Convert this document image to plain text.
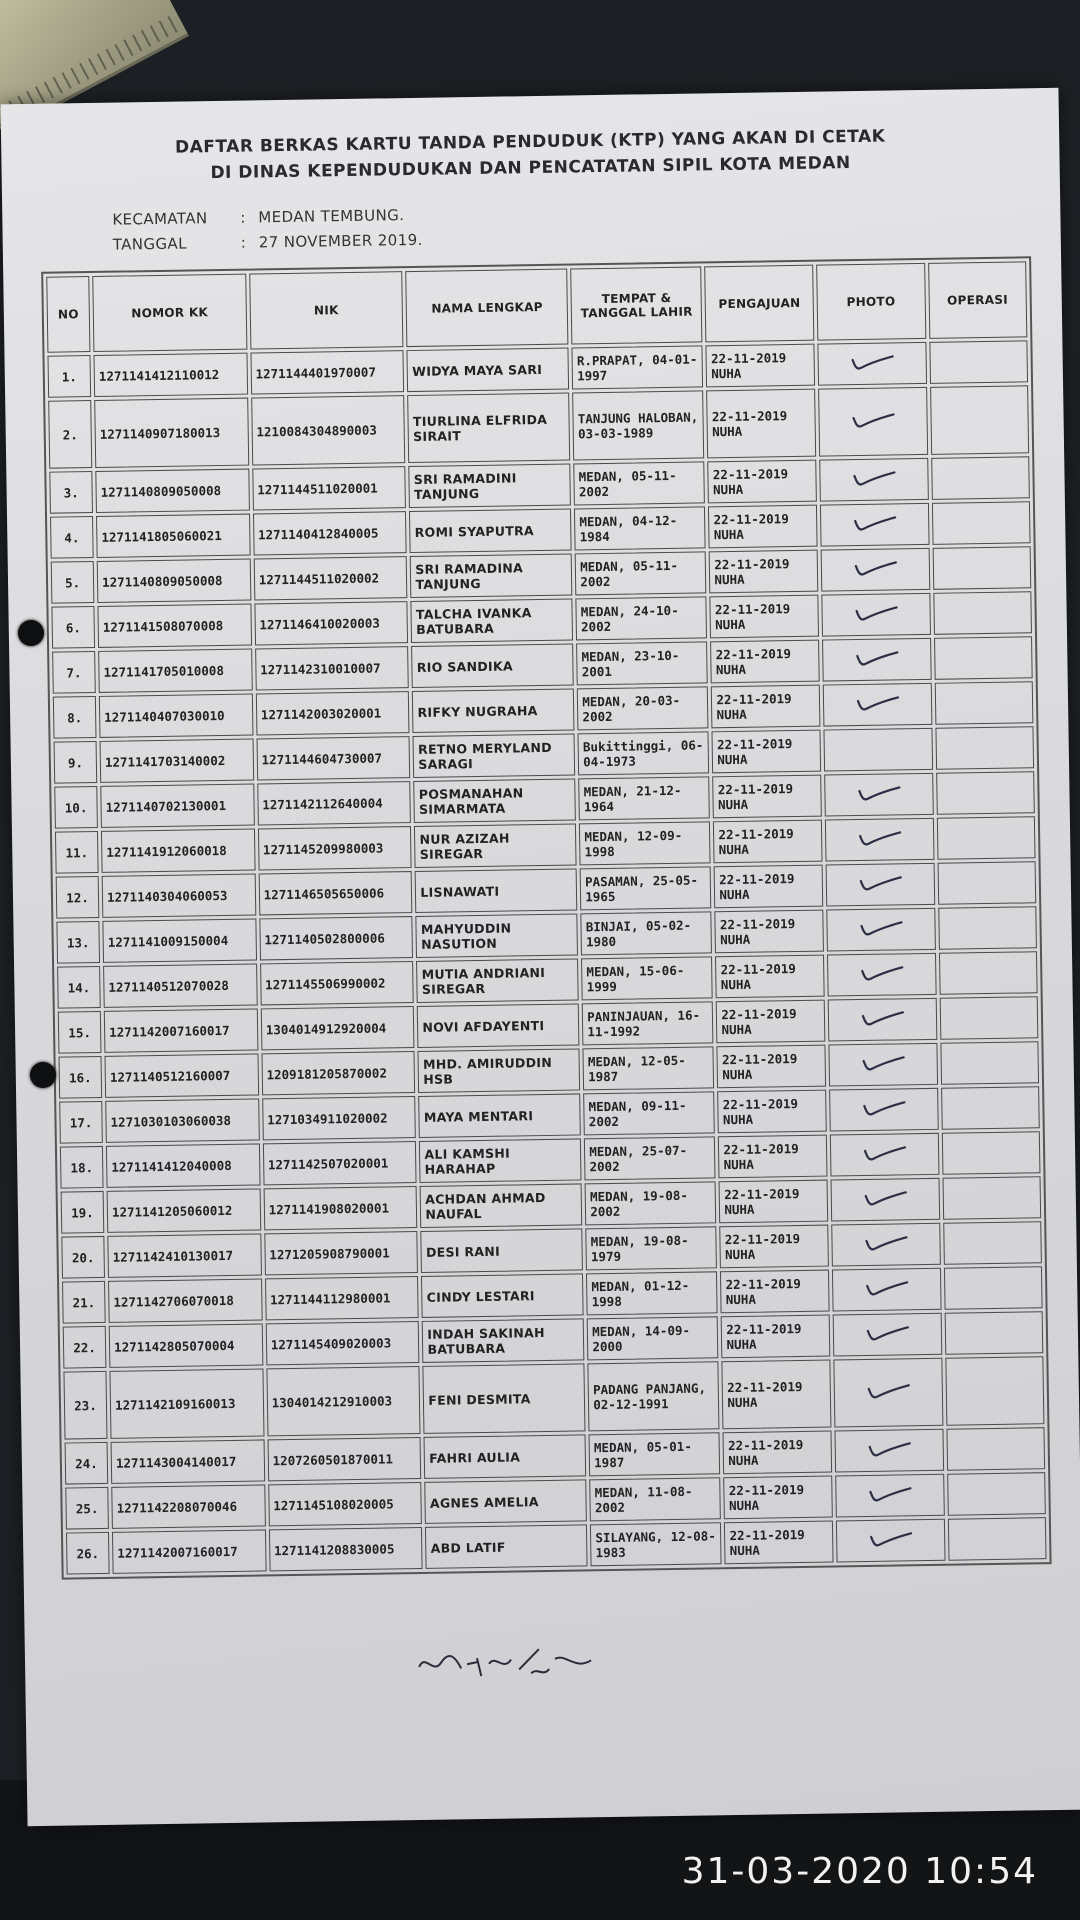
DAFTAR BERKAS KARTU TANDA PENDUDUK (KTP) YANG AKAN DI CETAK
DI DINAS KEPENDUDUKAN DAN PENCATATAN SIPIL KOTA MEDAN
KECAMATAN : MEDAN TEMBUNG.
TANGGAL	: 27 NOVEMBER 2019.
NO	NOMOR KK	NIK	NAMA LENGKAP	TEMPAT & TANGGAL LAHIR	PENGAJUAN	PHOTO	OPERASI
1.	1271141412110012	1271144401970007	WIDYA MAYA SARI	R.PRAPAT, 04-01-1997	22-11-2019 NUHA		
2.	1271140907180013	1210084304890003	TIURLINA ELFRIDA SIRAIT	TANJUNG HALOBAN, 03-03-1989	22-11-2019 NUHA		
3.	1271140809050008	1271144511020001	SRI RAMADINI TANJUNG	MEDAN, 05-11-2002	22-11-2019 NUHA		
4.	1271141805060021	1271140412840005	ROMI SYAPUTRA	MEDAN, 04-12-1984	22-11-2019 NUHA		
5.	1271140809050008	1271144511020002	SRI RAMADINA TANJUNG	MEDAN, 05-11-2002	22-11-2019 NUHA		
6.	1271141508070008	1271146410020003	TALCHA IVANKA BATUBARA	MEDAN, 24-10-2002	22-11-2019 NUHA		
7.	1271141705010008	1271142310010007	RIO SANDIKA	MEDAN, 23-10-2001	22-11-2019 NUHA		
8.	1271140407030010	1271142003020001	RIFKY NUGRAHA	MEDAN, 20-03-2002	22-11-2019 NUHA		
9.	1271141703140002	1271144604730007	RETNO MERYLAND SARAGI	Bukittinggi, 06-04-1973	22-11-2019 NUHA		
10.	1271140702130001	1271142112640004	POSMANAHAN SIMARMATA	MEDAN, 21-12-1964	22-11-2019 NUHA		
11.	1271141912060018	1271145209980003	NUR AZIZAH SIREGAR	MEDAN, 12-09-1998	22-11-2019 NUHA		
12.	1271140304060053	1271146505650006	LISNAWATI	PASAMAN, 25-05-1965	22-11-2019 NUHA		
13.	1271141009150004	1271140502800006	MAHYUDDIN NASUTION	BINJAI, 05-02-1980	22-11-2019 NUHA		
14.	1271140512070028	1271145506990002	MUTIA ANDRIANI SIREGAR	MEDAN, 15-06-1999	22-11-2019 NUHA		
15.	1271142007160017	1304014912920004	NOVI AFDAYENTI	PANINJAUAN, 16-11-1992	22-11-2019 NUHA		
16.	1271140512160007	1209181205870002	MHD. AMIRUDDIN HSB	MEDAN, 12-05-1987	22-11-2019 NUHA		
17.	1271030103060038	1271034911020002	MAYA MENTARI	MEDAN, 09-11-2002	22-11-2019 NUHA		
18.	1271141412040008	1271142507020001	ALI KAMSHI HARAHAP	MEDAN, 25-07-2002	22-11-2019 NUHA		
19.	1271141205060012	1271141908020001	ACHDAN AHMAD NAUFAL	MEDAN, 19-08-2002	22-11-2019 NUHA		
20.	1271142410130017	1271205908790001	DESI RANI	MEDAN, 19-08-1979	22-11-2019 NUHA		
21.	1271142706070018	1271144112980001	CINDY LESTARI	MEDAN, 01-12-1998	22-11-2019 NUHA		
22.	1271142805070004	1271145409020003	INDAH SAKINAH BATUBARA	MEDAN, 14-09-2000	22-11-2019 NUHA		
23.	1271142109160013	1304014212910003	FENI DESMITA	PADANG PANJANG, 02-12-1991	22-11-2019 NUHA		
24.	1271143004140017	1207260501870011	FAHRI AULIA	MEDAN, 05-01-1987	22-11-2019 NUHA		
25.	1271142208070046	1271145108020005	AGNES AMELIA	MEDAN, 11-08-2002	22-11-2019 NUHA		
26.	1271142007160017	1271141208830005	ABD LATIF	SILAYANG, 12-08-1983	22-11-2019 NUHA		
31-03-2020 10:54
